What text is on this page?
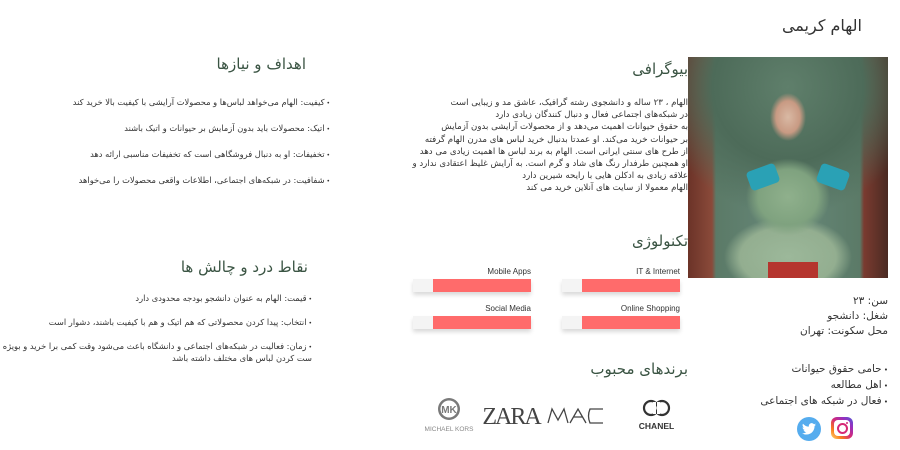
الهام کریمی
سن: ۲۳
شغل: دانشجو
محل سکونت: تهران
• حامی حقوق حیوانات
• اهل مطالعه
• فعال در شبکه های اجتماعی
بیوگرافی
الهام ، ۲۳ ساله و دانشجوی رشته گرافیک، عاشق مد و زیبایی است
در شبکه‌های اجتماعی فعال و دنبال کنندگان زیادی دارد
به حقوق حیوانات اهمیت می‌دهد و از محصولات آرایشی بدون آزمایش
بر حیوانات خرید می‌کند. او عمدتا بدنبال خرید لباس های مدرن الهام گرفته
از طرح های سنتی ایرانی است. الهام به برند لباس ها اهمیت زیادی می دهد
او همچنین طرفدار رنگ های شاد و گرم است. به آرایش غلیظ اعتقادی ندارد و
علاقه زیادی به ادکلن هایی با رایحه شیرین دارد
الهام معمولا از سایت های آنلاین خرید می کند
تکنولوژی
IT & Internet
Mobile Apps
Online Shopping
Social Media
برندهای محبوب
MK
MICHAEL KORS ZARA	CHANEL
اهداف و نیازها
• کیفیت: الهام می‌خواهد لباس‌ها و محصولات آرایشی با کیفیت بالا خرید کند
• اتیک: محصولات باید بدون آزمایش بر حیوانات و اتیک باشند
• تخفیفات: او به دنبال فروشگاهی است که تخفیفات مناسبی ارائه دهد
• شفافیت: در شبکه‌های اجتماعی، اطلاعات واقعی محصولات را می‌خواهد
نقاط درد و چالش ها
• قیمت: الهام به عنوان دانشجو بودجه محدودی دارد
• انتخاب: پیدا کردن محصولاتی که هم اتیک و هم با کیفیت باشند، دشوار است
• زمان: فعالیت در شبکه‌های اجتماعی و دانشگاه باعث می‌شود وقت کمی برا خرید و بویژه ست کردن لباس های مختلف داشته باشد
